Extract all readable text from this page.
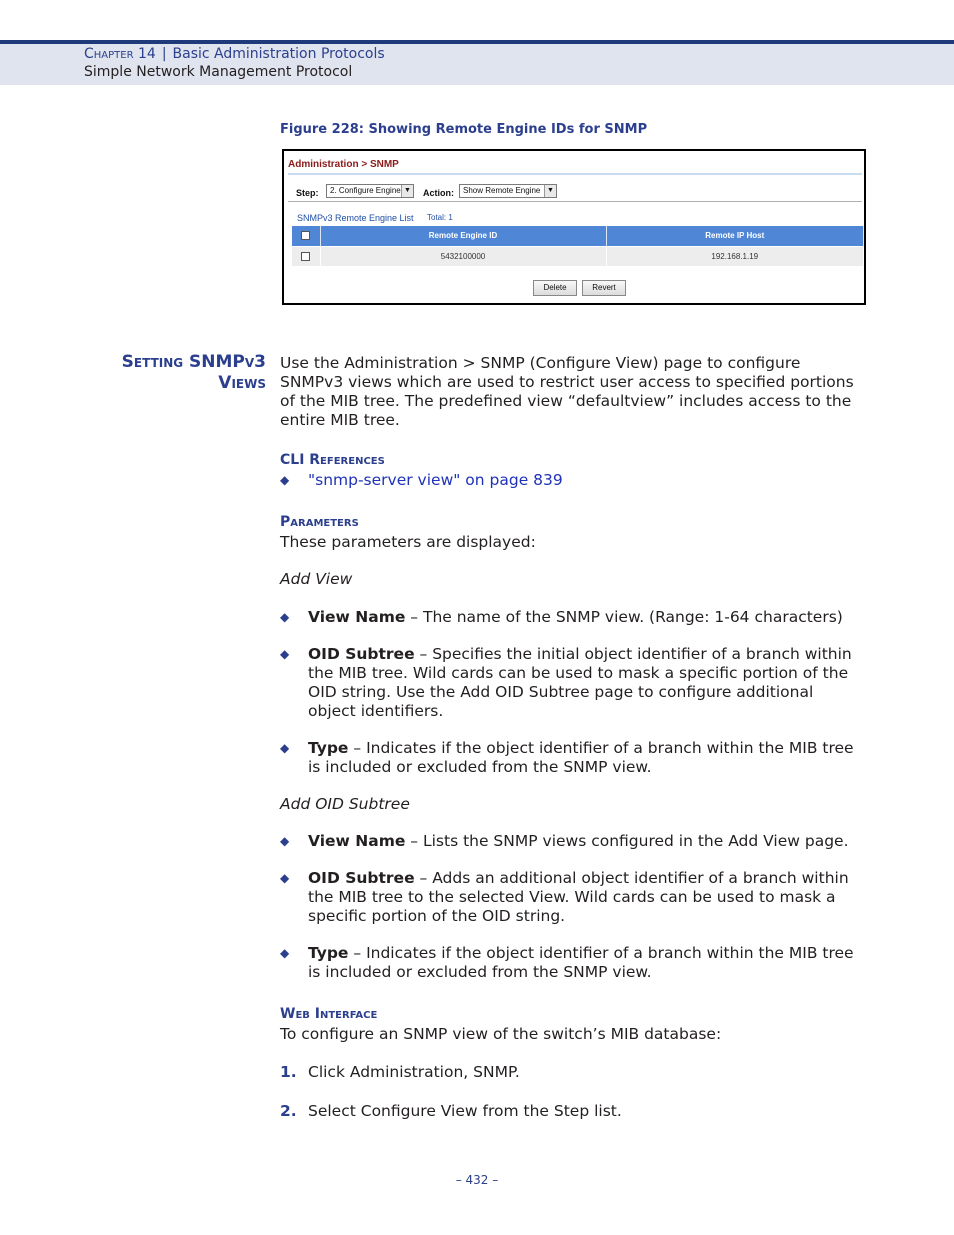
Chapter 14 | Basic Administration Protocols
Simple Network Management Protocol
Figure 228: Showing Remote Engine IDs for SNMP
Administration > SNMP
Step:	2. Configure Engine ▼ Action:	Show Remote Engine ▼
SNMPv3 Remote Engine List Total: 1
	Remote Engine ID	Remote IP Host
	5432100000	192.168.1.19
Delete	Revert
Setting SNMPv3
Views
Use the Administration > SNMP (Configure View) page to configure
SNMPv3 views which are used to restrict user access to specified portions
of the MIB tree. The predefined view “defaultview” includes access to the
entire MIB tree.
CLI References
◆ "snmp-server view" on page 839
Parameters
These parameters are displayed:
Add View
◆ View Name – The name of the SNMP view. (Range: 1-64 characters)
◆ OID Subtree – Specifies the initial object identifier of a branch within
the MIB tree. Wild cards can be used to mask a specific portion of the
OID string. Use the Add OID Subtree page to configure additional
object identifiers.
◆ Type – Indicates if the object identifier of a branch within the MIB tree
is included or excluded from the SNMP view.
Add OID Subtree
◆ View Name – Lists the SNMP views configured in the Add View page.
◆ OID Subtree – Adds an additional object identifier of a branch within
the MIB tree to the selected View. Wild cards can be used to mask a
specific portion of the OID string.
◆ Type – Indicates if the object identifier of a branch within the MIB tree
is included or excluded from the SNMP view.
Web Interface
To configure an SNMP view of the switch’s MIB database:
1. Click Administration, SNMP.
2. Select Configure View from the Step list.
– 432 –
